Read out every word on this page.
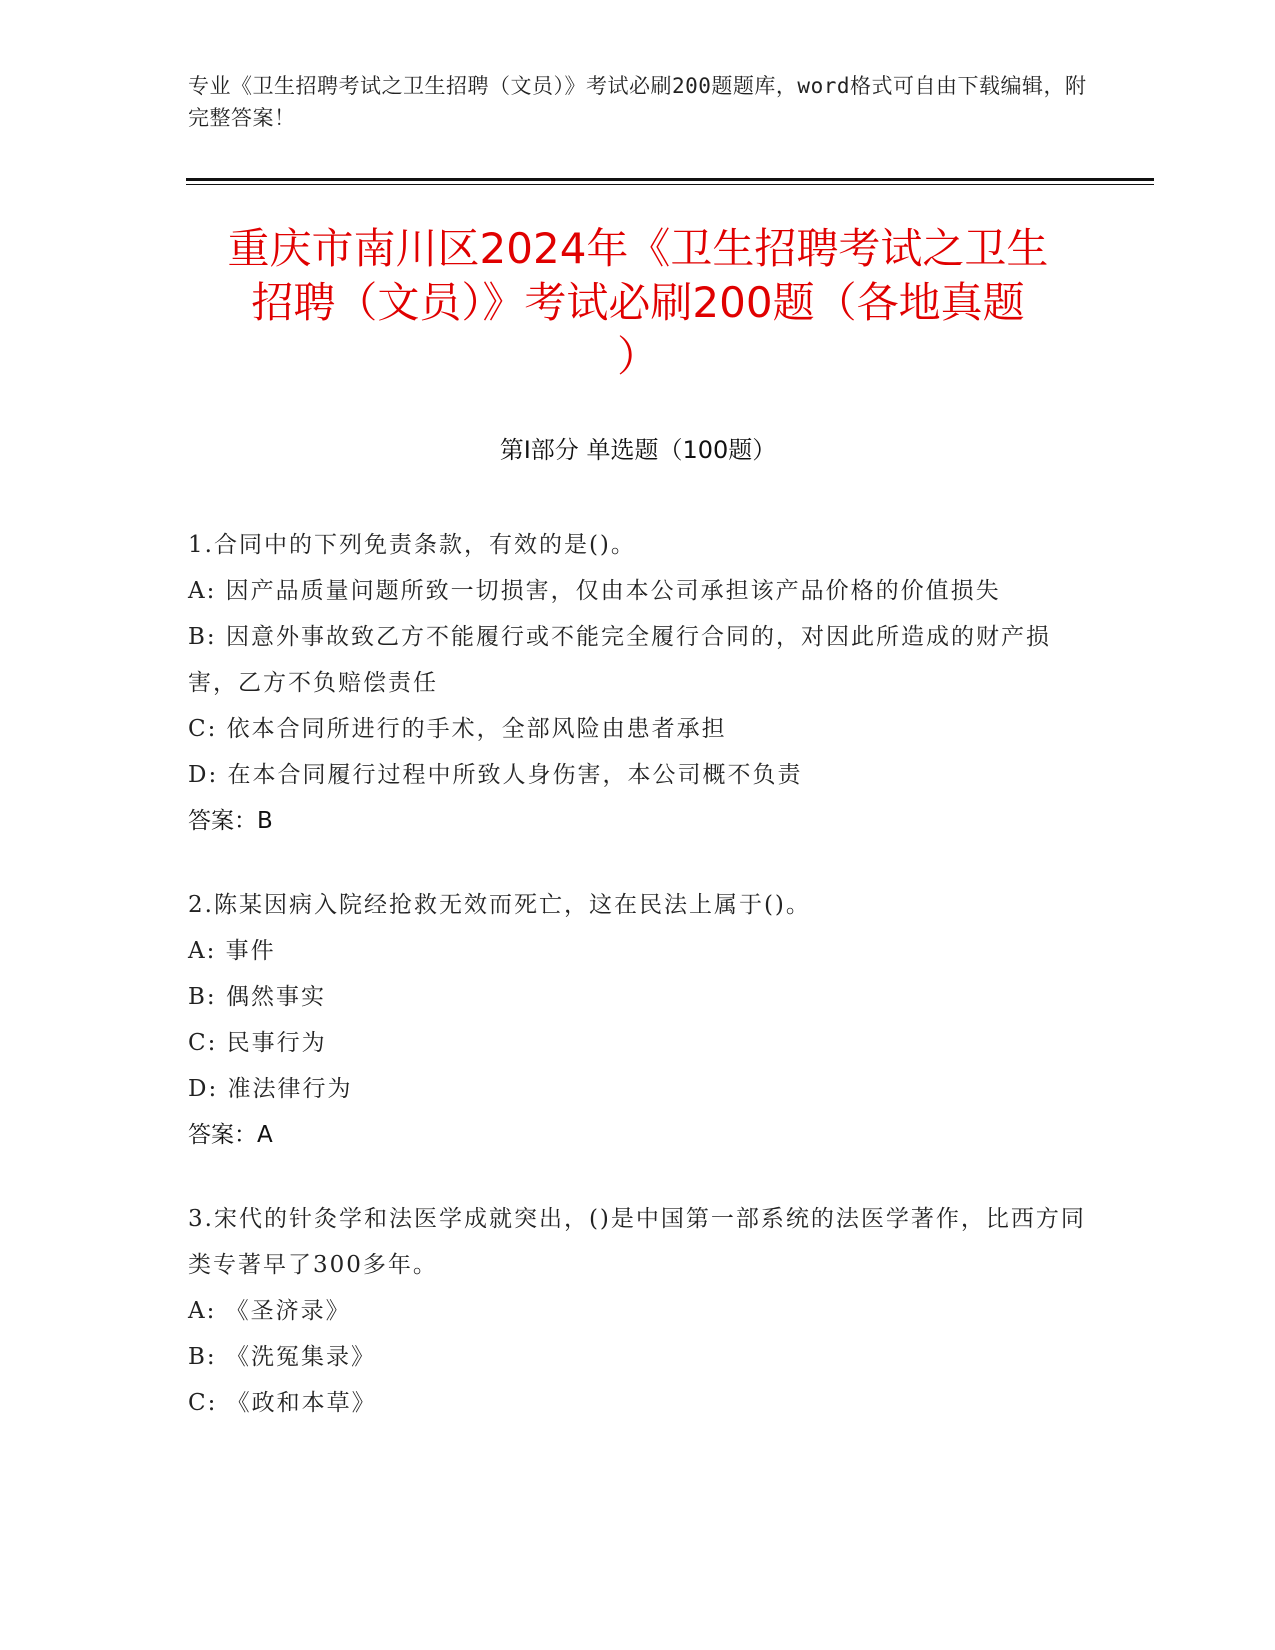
专业《卫生招聘考试之卫生招聘（文员）》考试必刷200题题库，word格式可自由下载编辑，附完整答案！
重庆市南川区2024年《卫生招聘考试之卫生
招聘（文员）》考试必刷200题（各地真题
）
第I部分 单选题（100题）

1.合同中的下列免责条款，有效的是()。

A: 因产品质量问题所致一切损害，仅由本公司承担该产品价格的价值损失

B: 因意外事故致乙方不能履行或不能完全履行合同的，对因此所造成的财产损害，乙方不负赔偿责任

C: 依本合同所进行的手术，全部风险由患者承担

D: 在本合同履行过程中所致人身伤害，本公司概不负责

答案：B

2.陈某因病入院经抢救无效而死亡，这在民法上属于()。

A: 事件

B: 偶然事实

C: 民事行为

D: 准法律行为

答案：A

3.宋代的针灸学和法医学成就突出，()是中国第一部系统的法医学著作，比西方同类专著早了300多年。

A: 《圣济录》

B: 《洗冤集录》

C: 《政和本草》
